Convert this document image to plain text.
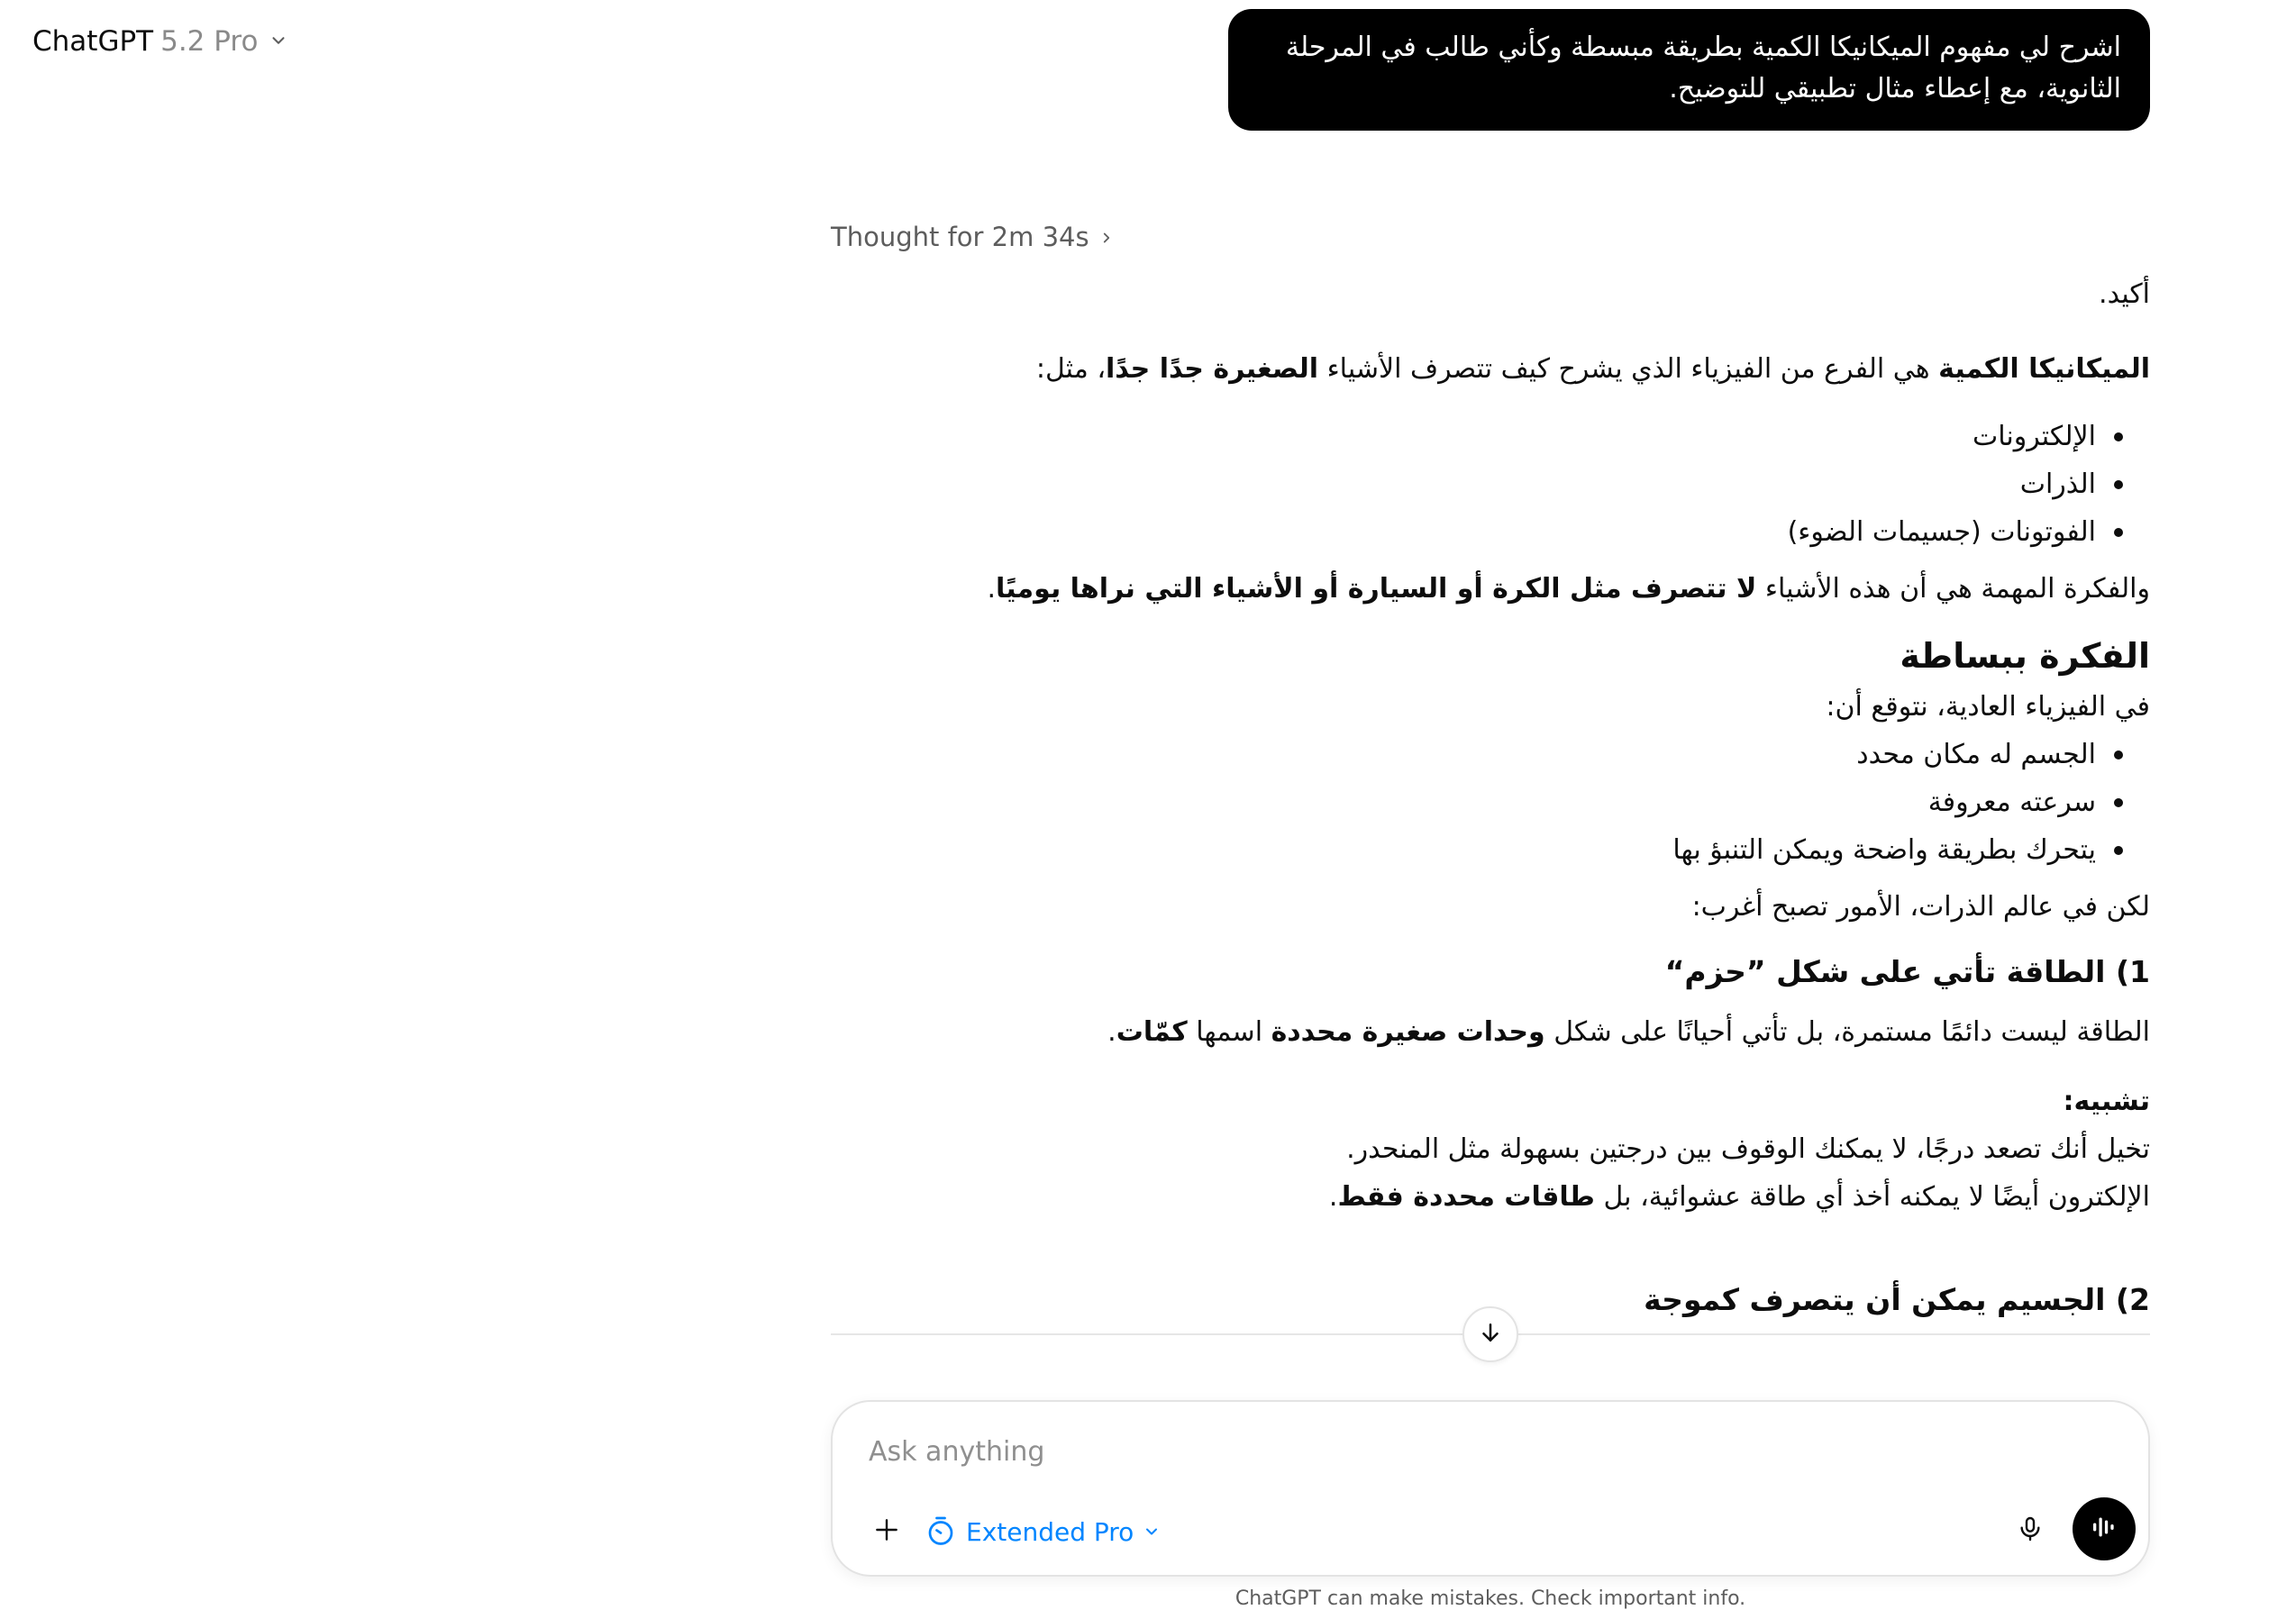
ChatGPT 5.2 Pro	اشرح لي مفهوم الميكانيكا الكمية بطريقة مبسطة وكأني طالب في المرحلة الثانوية، مع إعطاء مثال تطبيقي للتوضيح.
Thought for 2m 34s

أكيد.

الميكانيكا الكمية هي الفرع من الفيزياء الذي يشرح كيف تتصرف الأشياء الصغيرة جدًا جدًا، مثل:

الإلكترونات
الذرات
الفوتونات (جسيمات الضوء)

والفكرة المهمة هي أن هذه الأشياء لا تتصرف مثل الكرة أو السيارة أو الأشياء التي نراها يوميًا.

الفكرة ببساطة

في الفيزياء العادية، نتوقع أن:

الجسم له مكان محدد
سرعته معروفة
يتحرك بطريقة واضحة ويمكن التنبؤ بها

لكن في عالم الذرات، الأمور تصبح أغرب:

1) الطاقة تأتي على شكل ”حزم“

الطاقة ليست دائمًا مستمرة، بل تأتي أحيانًا على شكل وحدات صغيرة محددة اسمها كمّات.

تشبيه:

تخيل أنك تصعد درجًا، لا يمكنك الوقوف بين درجتين بسهولة مثل المنحدر.

الإلكترون أيضًا لا يمكنه أخذ أي طاقة عشوائية، بل طاقات محددة فقط.

2) الجسيم يمكن أن يتصرف كموجة
Ask anything
Extended Pro
ChatGPT can make mistakes. Check important info.
